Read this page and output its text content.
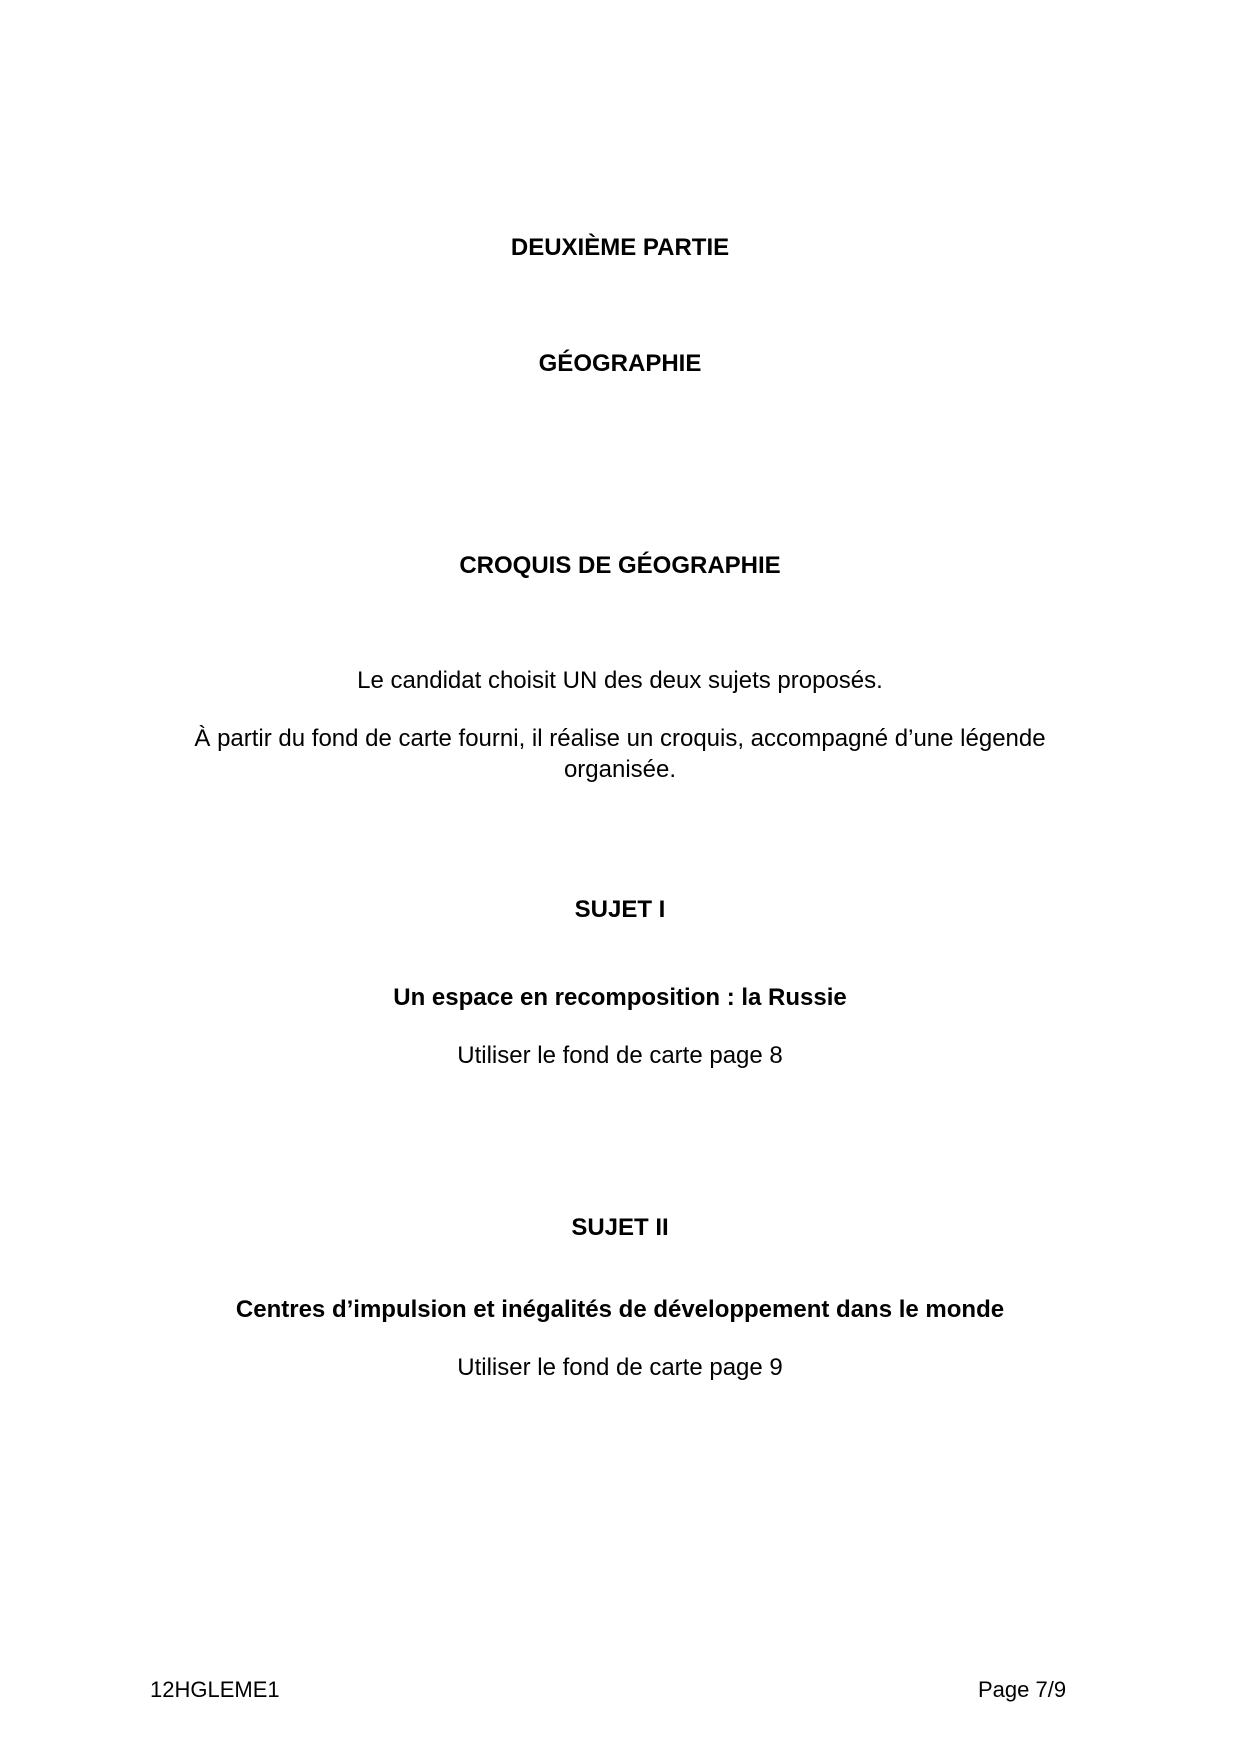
DEUXIÈME PARTIE
GÉOGRAPHIE
CROQUIS DE GÉOGRAPHIE
Le candidat choisit UN des deux sujets proposés.
À partir du fond de carte fourni, il réalise un croquis, accompagné d’une légende organisée.
SUJET I
Un espace en recomposition : la Russie
Utiliser le fond de carte page 8
SUJET II
Centres d’impulsion et inégalités de développement dans le monde
Utiliser le fond de carte page 9
12HGLEME1	Page 7/9
